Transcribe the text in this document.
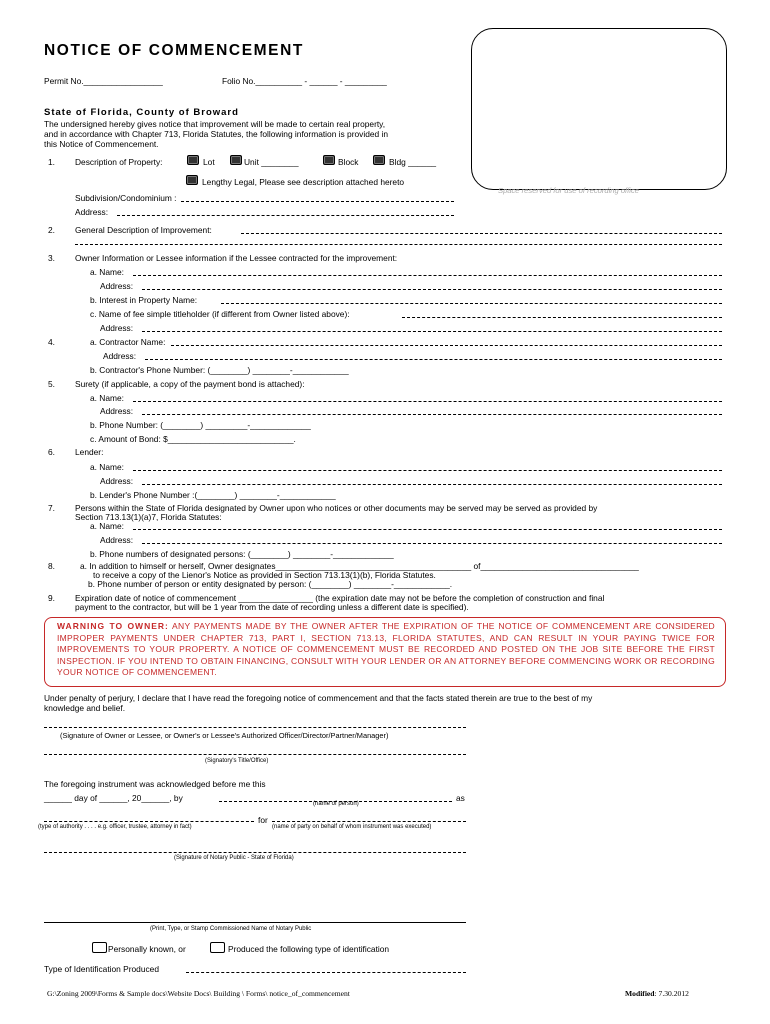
NOTICE OF COMMENCEMENT
Permit No._________________	Folio No.__________ - ______ - _________
Space reserved for use of recording office
State of Florida, County of Broward
The undersigned hereby gives notice that improvement will be made to certain real property,
and in accordance with Chapter 713, Florida Statutes, the following information is provided in
this Notice of Commencement.
1. Description of Property:	Lot	Unit ________	Block	Bldg ______
Lengthy Legal, Please see description attached hereto
Subdivision/Condominium :
Address:
2. General Description of Improvement:
3. Owner Information or Lessee information if the Lessee contracted for the improvement:
a. Name:
Address:
b. Interest in Property Name:
c. Name of fee simple titleholder (if different from Owner listed above):
Address:
4.	a. Contractor Name:
Address:
b. Contractor's Phone Number: (________) ________-____________
5. Surety (if applicable, a copy of the payment bond is attached):
a. Name:
Address:
b. Phone Number: (________) _________-_____________
c. Amount of Bond: $___________________________.
6. Lender:
a. Name:
Address:
b. Lender's Phone Number :(________) ________-____________
7. Persons within the State of Florida designated by Owner upon who notices or other documents may be served may be served as provided by
Section 713.13(1)(a)7, Florida Statutes:
a. Name:
Address:
b. Phone numbers of designated persons: (________) ________-_____________
8.	a. In addition to himself or herself, Owner designates__________________________________________ of__________________________________
to receive a copy of the Lienor's Notice as provided in Section 713.13(1)(b), Florida Statutes.
b. Phone number of person or entity designated by person: (________) ________-____________.
9. Expiration date of notice of commencement ________________ (the expiration date may not be before the completion of construction and final
payment to the contractor, but will be 1 year from the date of recording unless a different date is specified).
WARNING TO OWNER: ANY PAYMENTS MADE BY THE OWNER AFTER THE EXPIRATION OF THE NOTICE OF COMMENCEMENT ARE CONSIDERED IMPROPER PAYMENTS UNDER CHAPTER 713, PART I, SECTION 713.13, FLORIDA STATUTES, AND CAN RESULT IN YOUR PAYING TWICE FOR IMPROVEMENTS TO YOUR PROPERTY. A NOTICE OF COMMENCEMENT MUST BE RECORDED AND POSTED ON THE JOB SITE BEFORE THE FIRST INSPECTION. IF YOU INTEND TO OBTAIN FINANCING, CONSULT WITH YOUR LENDER OR AN ATTORNEY BEFORE COMMENCING WORK OR RECORDING YOUR NOTICE OF COMMENCEMENT.
Under penalty of perjury, I declare that I have read the foregoing notice of commencement and that the facts stated therein are true to the best of my
knowledge and belief.
(Signature of Owner or Lessee, or Owner's or Lessee's Authorized Officer/Director/Partner/Manager)
(Signatory's Title/Office)
The foregoing instrument was acknowledged before me this
______ day of ______, 20______, by	as
(name of person)
for
(type of authority . . . . e.g. officer, trustee, attorney in fact)	(name of party on behalf of whom instrument was executed)
(Signature of Notary Public - State of Florida)
(Print, Type, or Stamp Commissioned Name of Notary Public
Personally known, or	Produced the following type of identification
Type of Identification Produced
G:\Zoning 2009\Forms & Sample docs\Website Docs\ Building \ Forms\ notice_of_commencement	Modified: 7.30.2012
